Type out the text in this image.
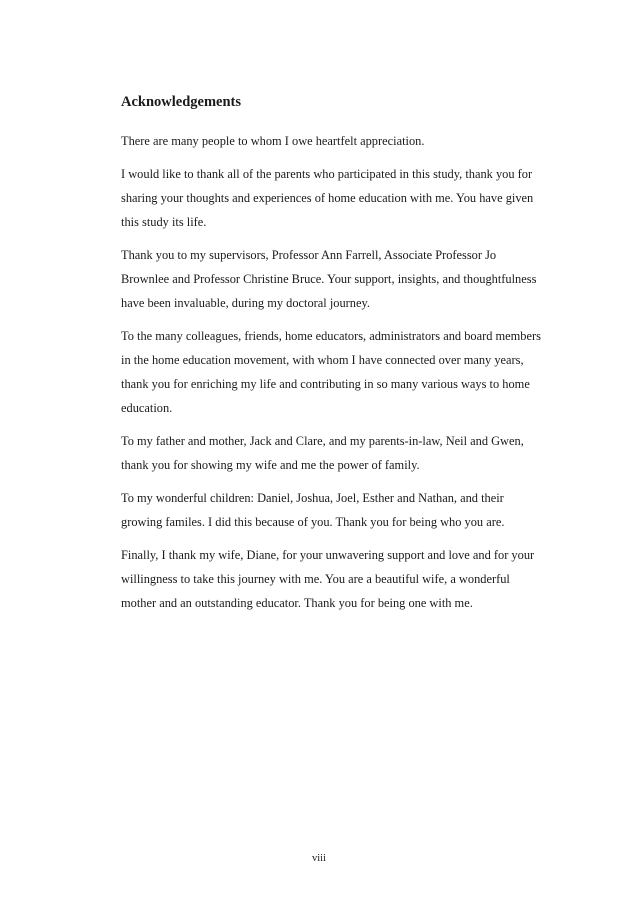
Acknowledgements
There are many people to whom I owe heartfelt appreciation.
I would like to thank all of the parents who participated in this study, thank you for
sharing your thoughts and experiences of home education with me. You have given
this study its life.
Thank you to my supervisors, Professor Ann Farrell, Associate Professor Jo
Brownlee and Professor Christine Bruce. Your support, insights, and thoughtfulness
have been invaluable, during my doctoral journey.
To the many colleagues, friends, home educators, administrators and board members
in the home education movement, with whom I have connected over many years,
thank you for enriching my life and contributing in so many various ways to home
education.
To my father and mother, Jack and Clare, and my parents-in-law, Neil and Gwen,
thank you for showing my wife and me the power of family.
To my wonderful children: Daniel, Joshua, Joel, Esther and Nathan, and their
growing familes. I did this because of you. Thank you for being who you are.
Finally, I thank my wife, Diane, for your unwavering support and love and for your
willingness to take this journey with me. You are a beautiful wife, a wonderful
mother and an outstanding educator. Thank you for being one with me.
viii
